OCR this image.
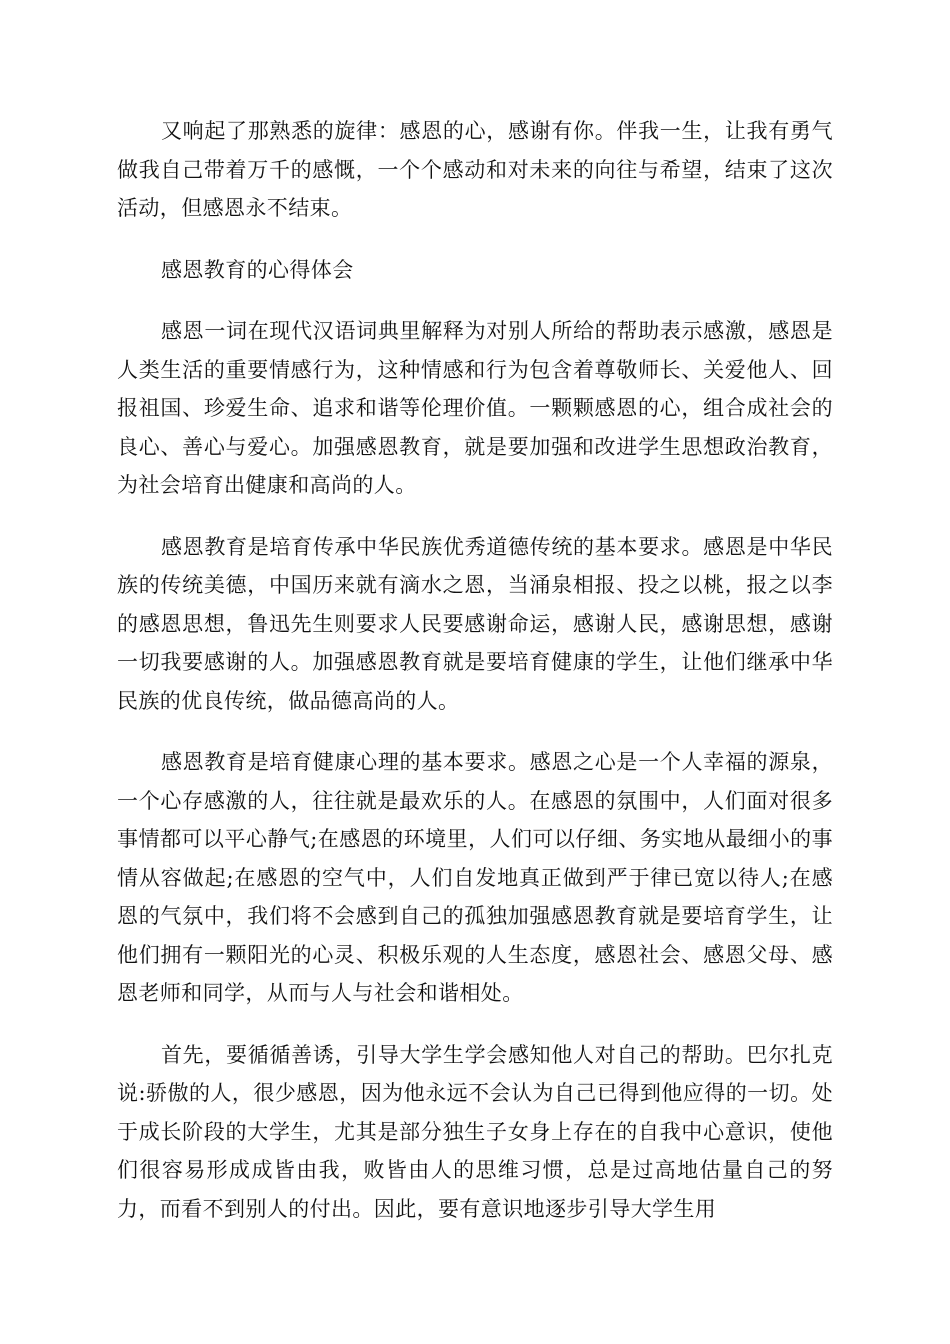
又响起了那熟悉的旋律：感恩的心，感谢有你。伴我一生，让我有勇气做我自己带着万千的感慨，一个个感动和对未来的向往与希望，结束了这次活动，但感恩永不结束。

感恩教育的心得体会

感恩一词在现代汉语词典里解释为对别人所给的帮助表示感激，感恩是人类生活的重要情感行为，这种情感和行为包含着尊敬师长、关爱他人、回报祖国、珍爱生命、追求和谐等伦理价值。一颗颗感恩的心，组合成社会的良心、善心与爱心。加强感恩教育，就是要加强和改进学生思想政治教育，为社会培育出健康和高尚的人。

感恩教育是培育传承中华民族优秀道德传统的基本要求。感恩是中华民族的传统美德，中国历来就有滴水之恩，当涌泉相报、投之以桃，报之以李的感恩思想，鲁迅先生则要求人民要感谢命运，感谢人民，感谢思想，感谢一切我要感谢的人。加强感恩教育就是要培育健康的学生，让他们继承中华民族的优良传统，做品德高尚的人。

感恩教育是培育健康心理的基本要求。感恩之心是一个人幸福的源泉，一个心存感激的人，往往就是最欢乐的人。在感恩的氛围中，人们面对很多事情都可以平心静气;在感恩的环境里，人们可以仔细、务实地从最细小的事情从容做起;在感恩的空气中，人们自发地真正做到严于律已宽以待人;在感恩的气氛中，我们将不会感到自己的孤独加强感恩教育就是要培育学生，让他们拥有一颗阳光的心灵、积极乐观的人生态度，感恩社会、感恩父母、感恩老师和同学，从而与人与社会和谐相处。

首先，要循循善诱，引导大学生学会感知他人对自己的帮助。巴尔扎克说:骄傲的人，很少感恩，因为他永远不会认为自己已得到他应得的一切。处于成长阶段的大学生，尤其是部分独生子女身上存在的自我中心意识，使他们很容易形成成皆由我，败皆由人的思维习惯，总是过高地估量自己的努力，而看不到别人的付出。因此，要有意识地逐步引导大学生用
